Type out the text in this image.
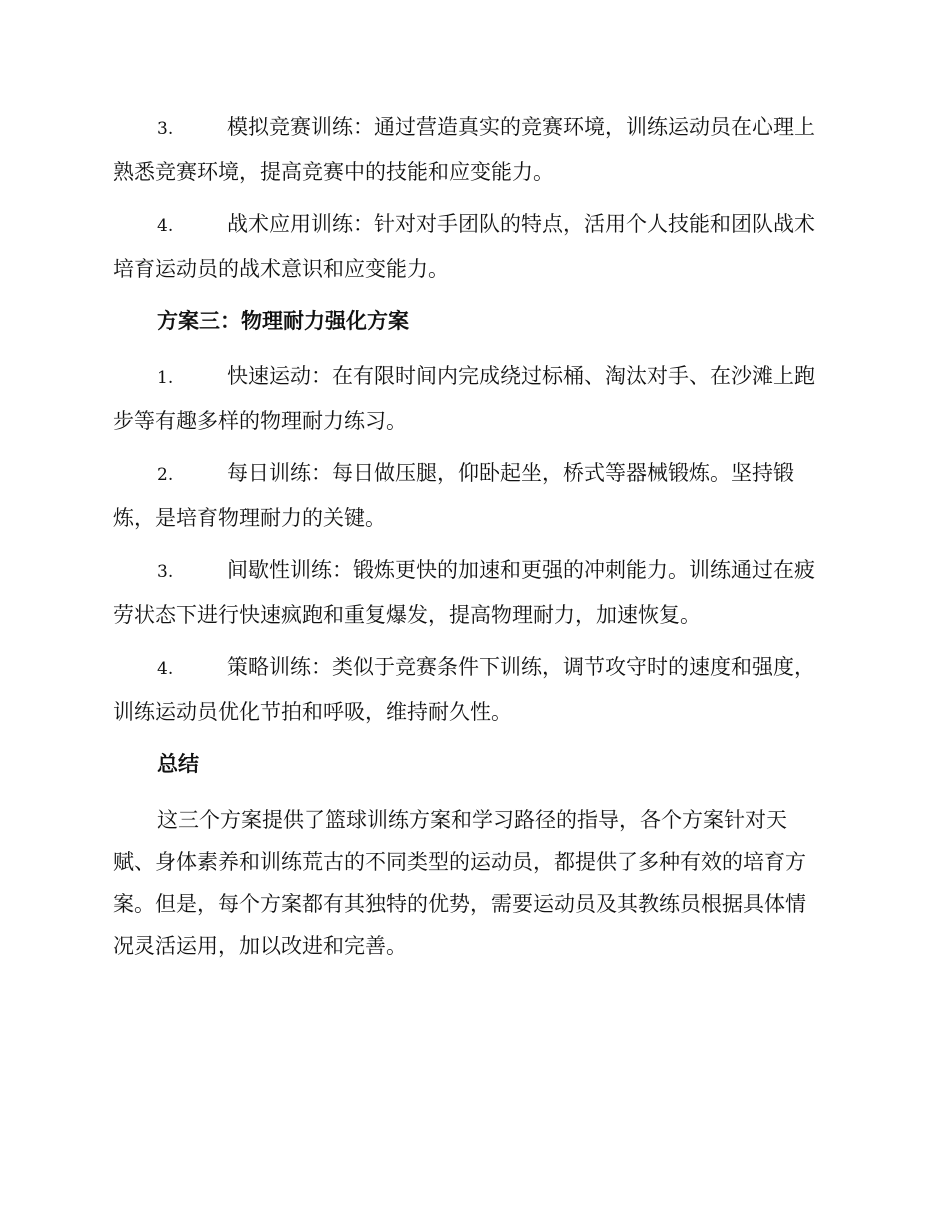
3.	模拟竞赛训练：通过营造真实的竞赛环境，训练运动员在心理上
熟悉竞赛环境，提高竞赛中的技能和应变能力。
4.	战术应用训练：针对对手团队的特点，活用个人技能和团队战术
培育运动员的战术意识和应变能力。
方案三：物理耐力强化方案
1.	快速运动：在有限时间内完成绕过标桶、淘汰对手、在沙滩上跑
步等有趣多样的物理耐力练习。
2.	每日训练：每日做压腿，仰卧起坐，桥式等器械锻炼。坚持锻
炼，是培育物理耐力的关键。
3.	间歇性训练：锻炼更快的加速和更强的冲刺能力。训练通过在疲
劳状态下进行快速疯跑和重复爆发，提高物理耐力，加速恢复。
4.	策略训练：类似于竞赛条件下训练，调节攻守时的速度和强度，
训练运动员优化节拍和呼吸，维持耐久性。
总结
这三个方案提供了篮球训练方案和学习路径的指导，各个方案针对天
赋、身体素养和训练荒古的不同类型的运动员，都提供了多种有效的培育方
案。但是，每个方案都有其独特的优势，需要运动员及其教练员根据具体情
况灵活运用，加以改进和完善。
